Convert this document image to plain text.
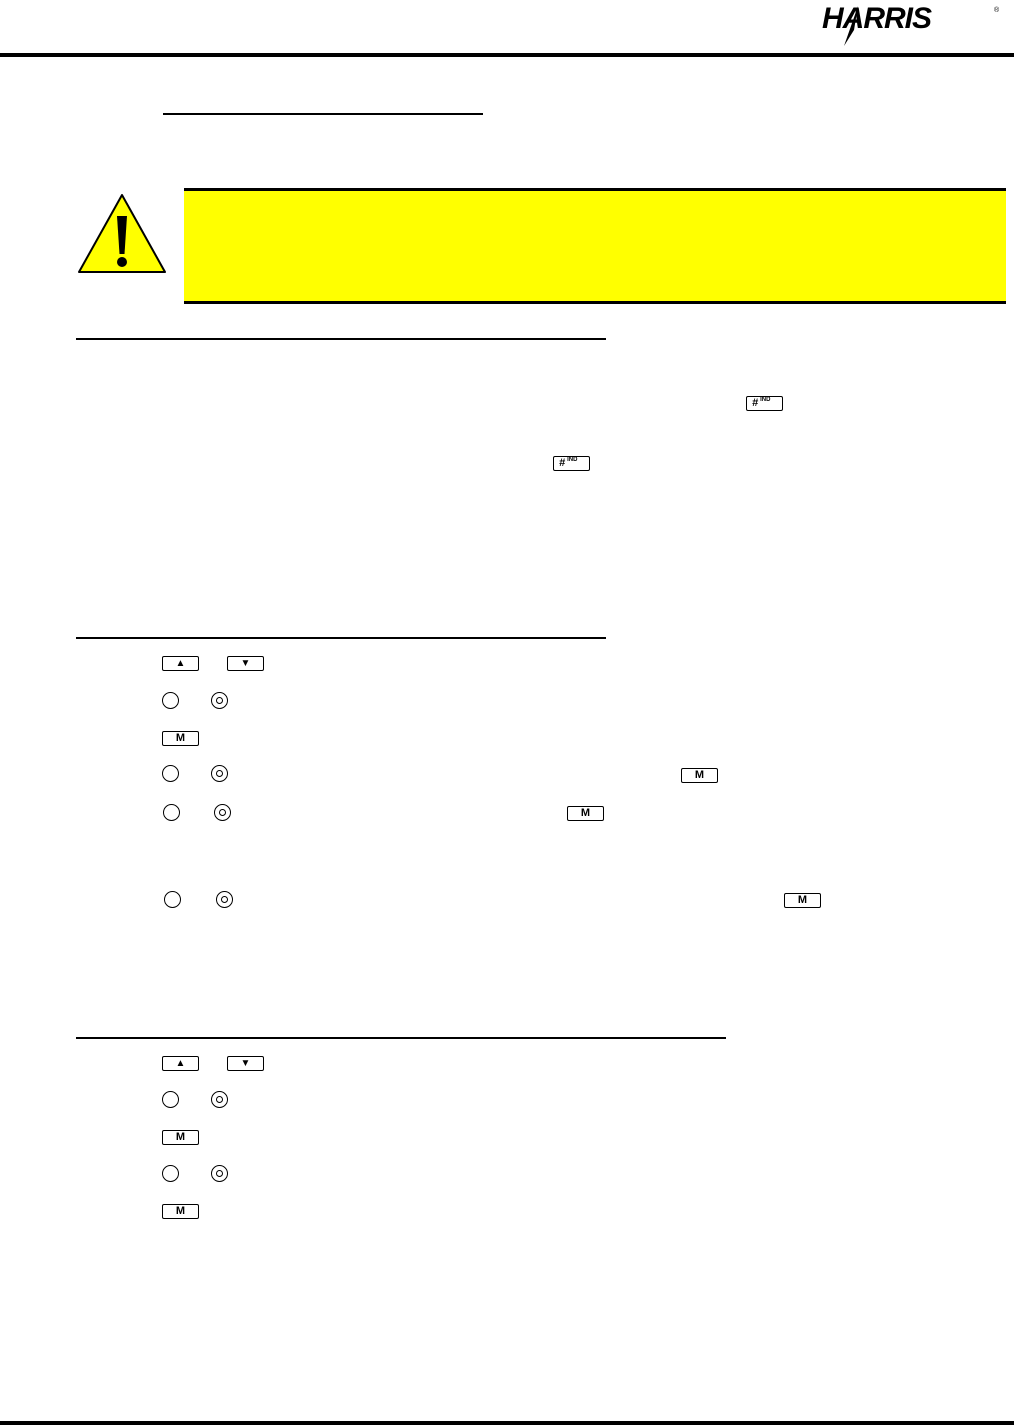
HARRIS	®
# IND
# IND
▲	▼
M
M
M
M
▲	▼
M
M
